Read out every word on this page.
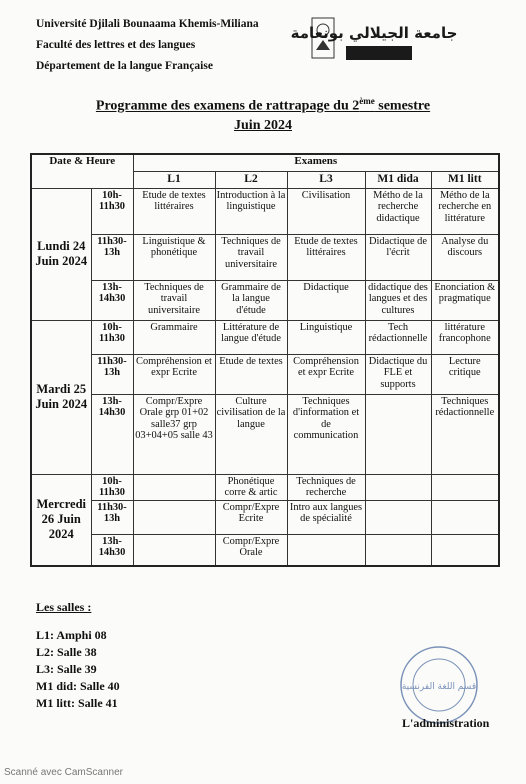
Université Djilali Bounaama Khemis-Miliana
Faculté des lettres et des langues
Département de la langue Française
جامعة الجيلالي بونعامة
Programme des examens de rattrapage du 2ème semestre
Juin 2024
Date & Heure		Examens				
		L1	L2	L3	M1 dida	M1 litt
Lundi 24 Juin 2024	10h-11h30	Etude de textes littéraires	Introduction à la linguistique	Civilisation	Métho de la recherche didactique	Métho de la recherche en littérature
	11h30-13h	Linguistique & phonétique	Techniques de travail universitaire	Etude de textes littéraires	Didactique de l'écrit	Analyse du discours
	13h-14h30	Techniques de travail universitaire	Grammaire de la langue d'étude	Didactique	didactique des langues et des cultures	Enonciation & pragmatique
Mardi 25 Juin 2024	10h-11h30	Grammaire	Littérature de langue d'étude	Linguistique	Tech rédactionnelle	littérature francophone
	11h30-13h	Compréhension et expr Ecrite	Etude de textes	Compréhension et expr Ecrite	Didactique du FLE et supports	Lecture critique
	13h-14h30	Compr/Expre Orale grp 01+02 salle37 grp 03+04+05 salle 43	Culture civilisation de la langue	Techniques d'information et de communication		Techniques rédactionnelle
Mercredi 26 Juin 2024	10h-11h30		Phonétique corre & artic	Techniques de recherche		
	11h30-13h		Compr/Expre Ecrite	Intro aux langues de spécialité		
	13h-14h30		Compr/Expre Orale			
Les salles :
L1: Amphi 08
L2: Salle 38
L3: Salle 39
M1 did: Salle 40
M1 litt: Salle 41
قسم اللغة الفرنسية
L'administration
Scanné avec CamScanner
